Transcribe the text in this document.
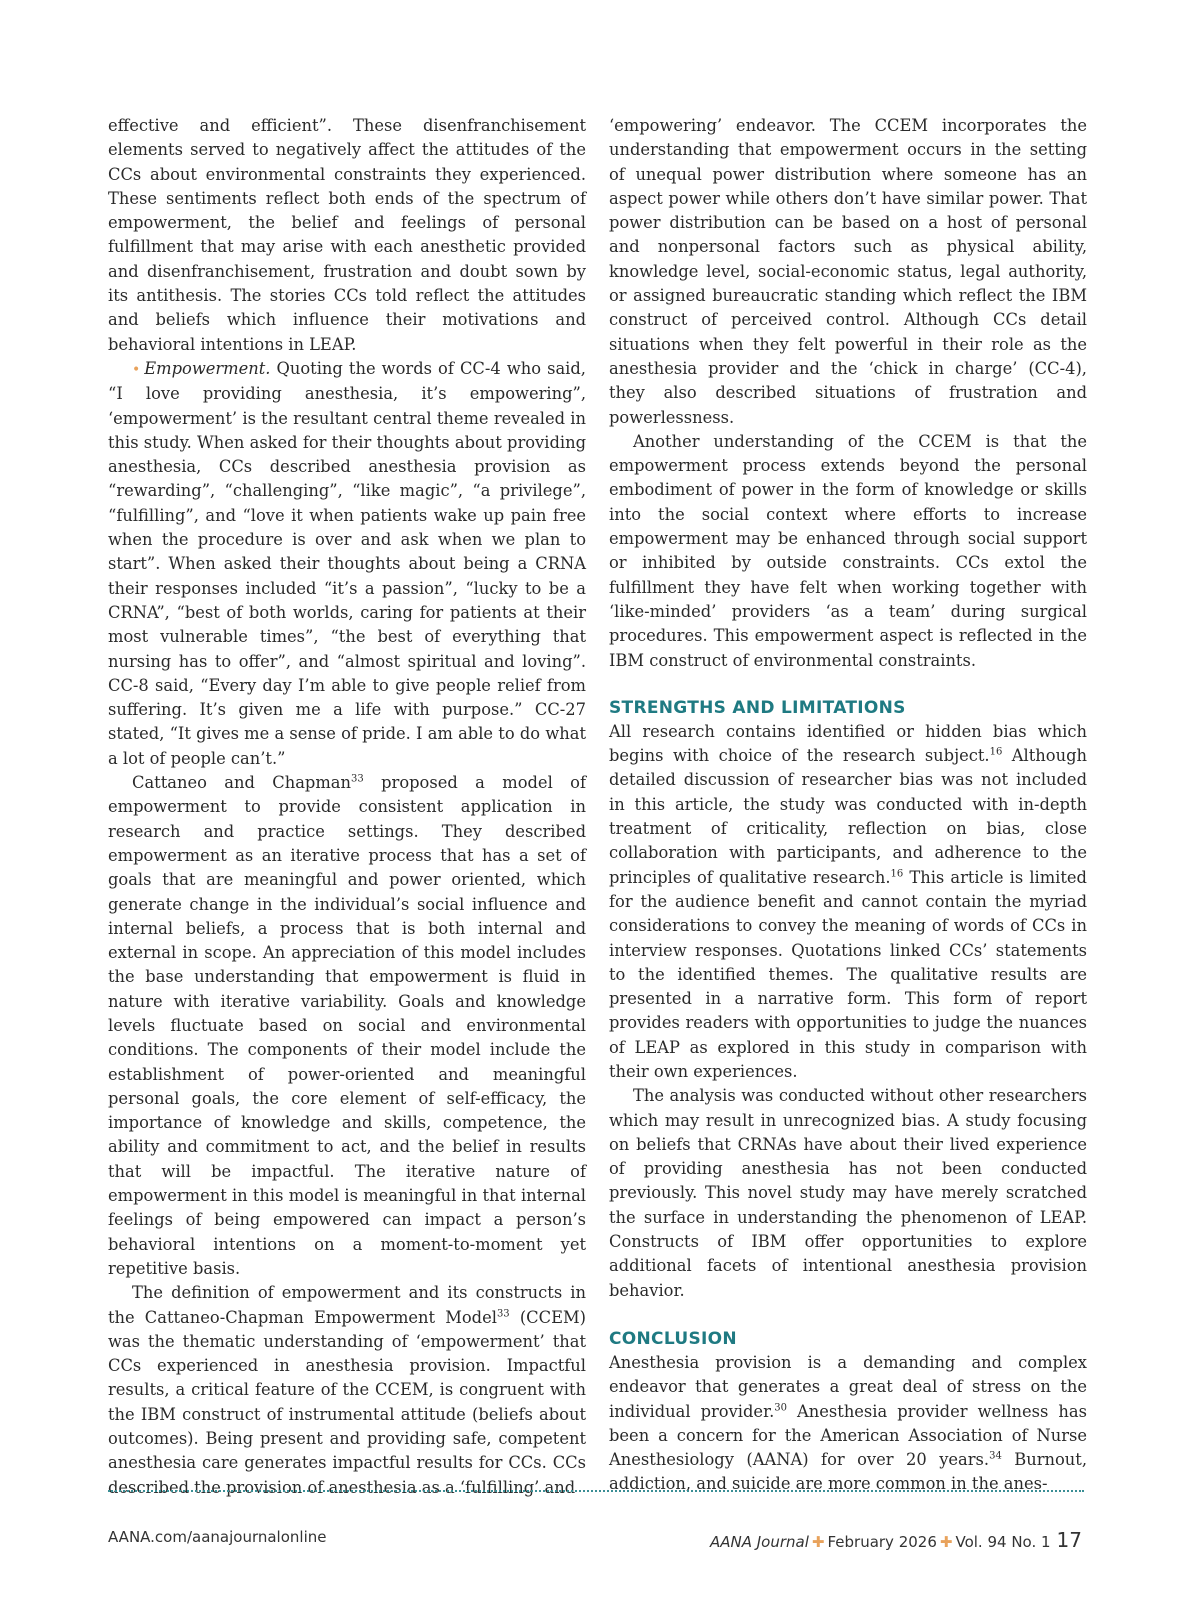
effective and efficient”. These disenfranchisement elements served to negatively affect the attitudes of the CCs about environmental constraints they experienced. These sentiments reflect both ends of the spectrum of empowerment, the belief and feelings of personal fulfillment that may arise with each anesthetic provided and disenfranchisement, frustration and doubt sown by its antithesis. The stories CCs told reflect the attitudes and beliefs which influence their motivations and behavioral intentions in LEAP.

• Empowerment. Quoting the words of CC-4 who said, “I love providing anesthesia, it’s empowering”, ‘empowerment’ is the resultant central theme revealed in this study. When asked for their thoughts about providing anesthesia, CCs described anesthesia provision as “rewarding”, “challenging”, “like magic”, “a privilege”, “fulfilling”, and “love it when patients wake up pain free when the procedure is over and ask when we plan to start”. When asked their thoughts about being a CRNA their responses included “it’s a passion”, “lucky to be a CRNA”, “best of both worlds, caring for patients at their most vulnerable times”, “the best of everything that nursing has to offer”, and “almost spiritual and loving”. CC-8 said, “Every day I’m able to give people relief from suffering. It’s given me a life with purpose.” CC-27 stated, “It gives me a sense of pride. I am able to do what a lot of people can’t.”

Cattaneo and Chapman$^{33}$ proposed a model of empowerment to provide consistent application in research and practice settings. They described empowerment as an iterative process that has a set of goals that are meaningful and power oriented, which generate change in the individual’s social influence and internal beliefs, a process that is both internal and external in scope. An appreciation of this model includes the base understanding that empowerment is fluid in nature with iterative variability. Goals and knowledge levels fluctuate based on social and environmental conditions. The components of their model include the establishment of power-oriented and meaningful personal goals, the core element of self-efficacy, the importance of knowledge and skills, competence, the ability and commitment to act, and the belief in results that will be impactful. The iterative nature of empowerment in this model is meaningful in that internal feelings of being empowered can impact a person’s behavioral intentions on a moment-to-moment yet repetitive basis.

The definition of empowerment and its constructs in the Cattaneo-Chapman Empowerment Model$^{33}$ (CCEM) was the thematic understanding of ‘empowerment’ that CCs experienced in anesthesia provision. Impactful results, a critical feature of the CCEM, is congruent with the IBM construct of instrumental attitude (beliefs about outcomes). Being present and providing safe, competent anesthesia care generates impactful results for CCs. CCs described the provision of anesthesia as a ‘fulfilling’ and

‘empowering’ endeavor. The CCEM incorporates the understanding that empowerment occurs in the setting of unequal power distribution where someone has an aspect power while others don’t have similar power. That power distribution can be based on a host of personal and nonpersonal factors such as physical ability, knowledge level, social-economic status, legal authority, or assigned bureaucratic standing which reflect the IBM construct of perceived control. Although CCs detail situations when they felt powerful in their role as the anesthesia provider and the ‘chick in charge’ (CC-4), they also described situations of frustration and powerlessness.

Another understanding of the CCEM is that the empowerment process extends beyond the personal embodiment of power in the form of knowledge or skills into the social context where efforts to increase empowerment may be enhanced through social support or inhibited by outside constraints. CCs extol the fulfillment they have felt when working together with ‘like-minded’ providers ‘as a team’ during surgical procedures. This empowerment aspect is reflected in the IBM construct of environmental constraints.

STRENGTHS AND LIMITATIONS

All research contains identified or hidden bias which begins with choice of the research subject.$^{16}$ Although detailed discussion of researcher bias was not included in this article, the study was conducted with in-depth treatment of criticality, reflection on bias, close collaboration with participants, and adherence to the principles of qualitative research.$^{16}$ This article is limited for the audience benefit and cannot contain the myriad considerations to convey the meaning of words of CCs in interview responses. Quotations linked CCs’ statements to the identified themes. The qualitative results are presented in a narrative form. This form of report provides readers with opportunities to judge the nuances of LEAP as explored in this study in comparison with their own experiences.

The analysis was conducted without other researchers which may result in unrecognized bias. A study focusing on beliefs that CRNAs have about their lived experience of providing anesthesia has not been conducted previously. This novel study may have merely scratched the surface in understanding the phenomenon of LEAP. Constructs of IBM offer opportunities to explore additional facets of intentional anesthesia provision behavior.

CONCLUSION

Anesthesia provision is a demanding and complex endeavor that generates a great deal of stress on the individual provider.$^{30}$ Anesthesia provider wellness has been a concern for the American Association of Nurse Anesthesiology (AANA) for over 20 years.$^{34}$ Burnout, addiction, and suicide are more common in the anes-

AANA.com/aanajournalonline	AANA Journal ✚ February 2026 ✚ Vol. 94 No. 1 17
